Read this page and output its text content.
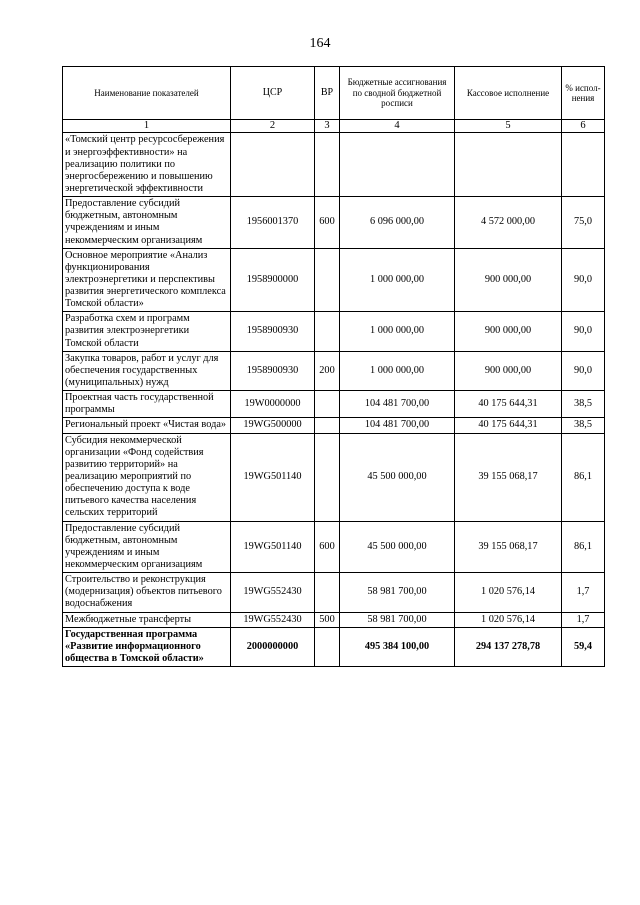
164
Наименование показателей	ЦСР	ВР	Бюджетные ассигнования по сводной бюджетной росписи	Кассовое исполнение	% испол-нения
1	2	3	4	5	6
«Томский центр ресурсосбережения и энергоэффективности» на реализацию политики по энергосбережению и повышению энергетической эффективности					
Предоставление субсидий бюджетным, автономным учреждениям и иным некоммерческим организациям	1956001370	600	6 096 000,00	4 572 000,00	75,0
Основное мероприятие «Анализ функционирования электроэнергетики и перспективы развития энергетического комплекса Томской области»	1958900000		1 000 000,00	900 000,00	90,0
Разработка схем и программ развития электроэнергетики Томской области	1958900930		1 000 000,00	900 000,00	90,0
Закупка товаров, работ и услуг для обеспечения государственных (муниципальных) нужд	1958900930	200	1 000 000,00	900 000,00	90,0
Проектная часть государственной программы	19W0000000		104 481 700,00	40 175 644,31	38,5
Региональный проект «Чистая вода»	19WG500000		104 481 700,00	40 175 644,31	38,5
Субсидия некоммерческой организации «Фонд содействия развитию территорий» на реализацию мероприятий по обеспечению доступа к воде питьевого качества населения сельских территорий	19WG501140		45 500 000,00	39 155 068,17	86,1
Предоставление субсидий бюджетным, автономным учреждениям и иным некоммерческим организациям	19WG501140	600	45 500 000,00	39 155 068,17	86,1
Строительство и реконструкция (модернизация) объектов питьевого водоснабжения	19WG552430		58 981 700,00	1 020 576,14	1,7
Межбюджетные трансферты	19WG552430	500	58 981 700,00	1 020 576,14	1,7
Государственная программа «Развитие информационного общества в Томской области»	2000000000		495 384 100,00	294 137 278,78	59,4
